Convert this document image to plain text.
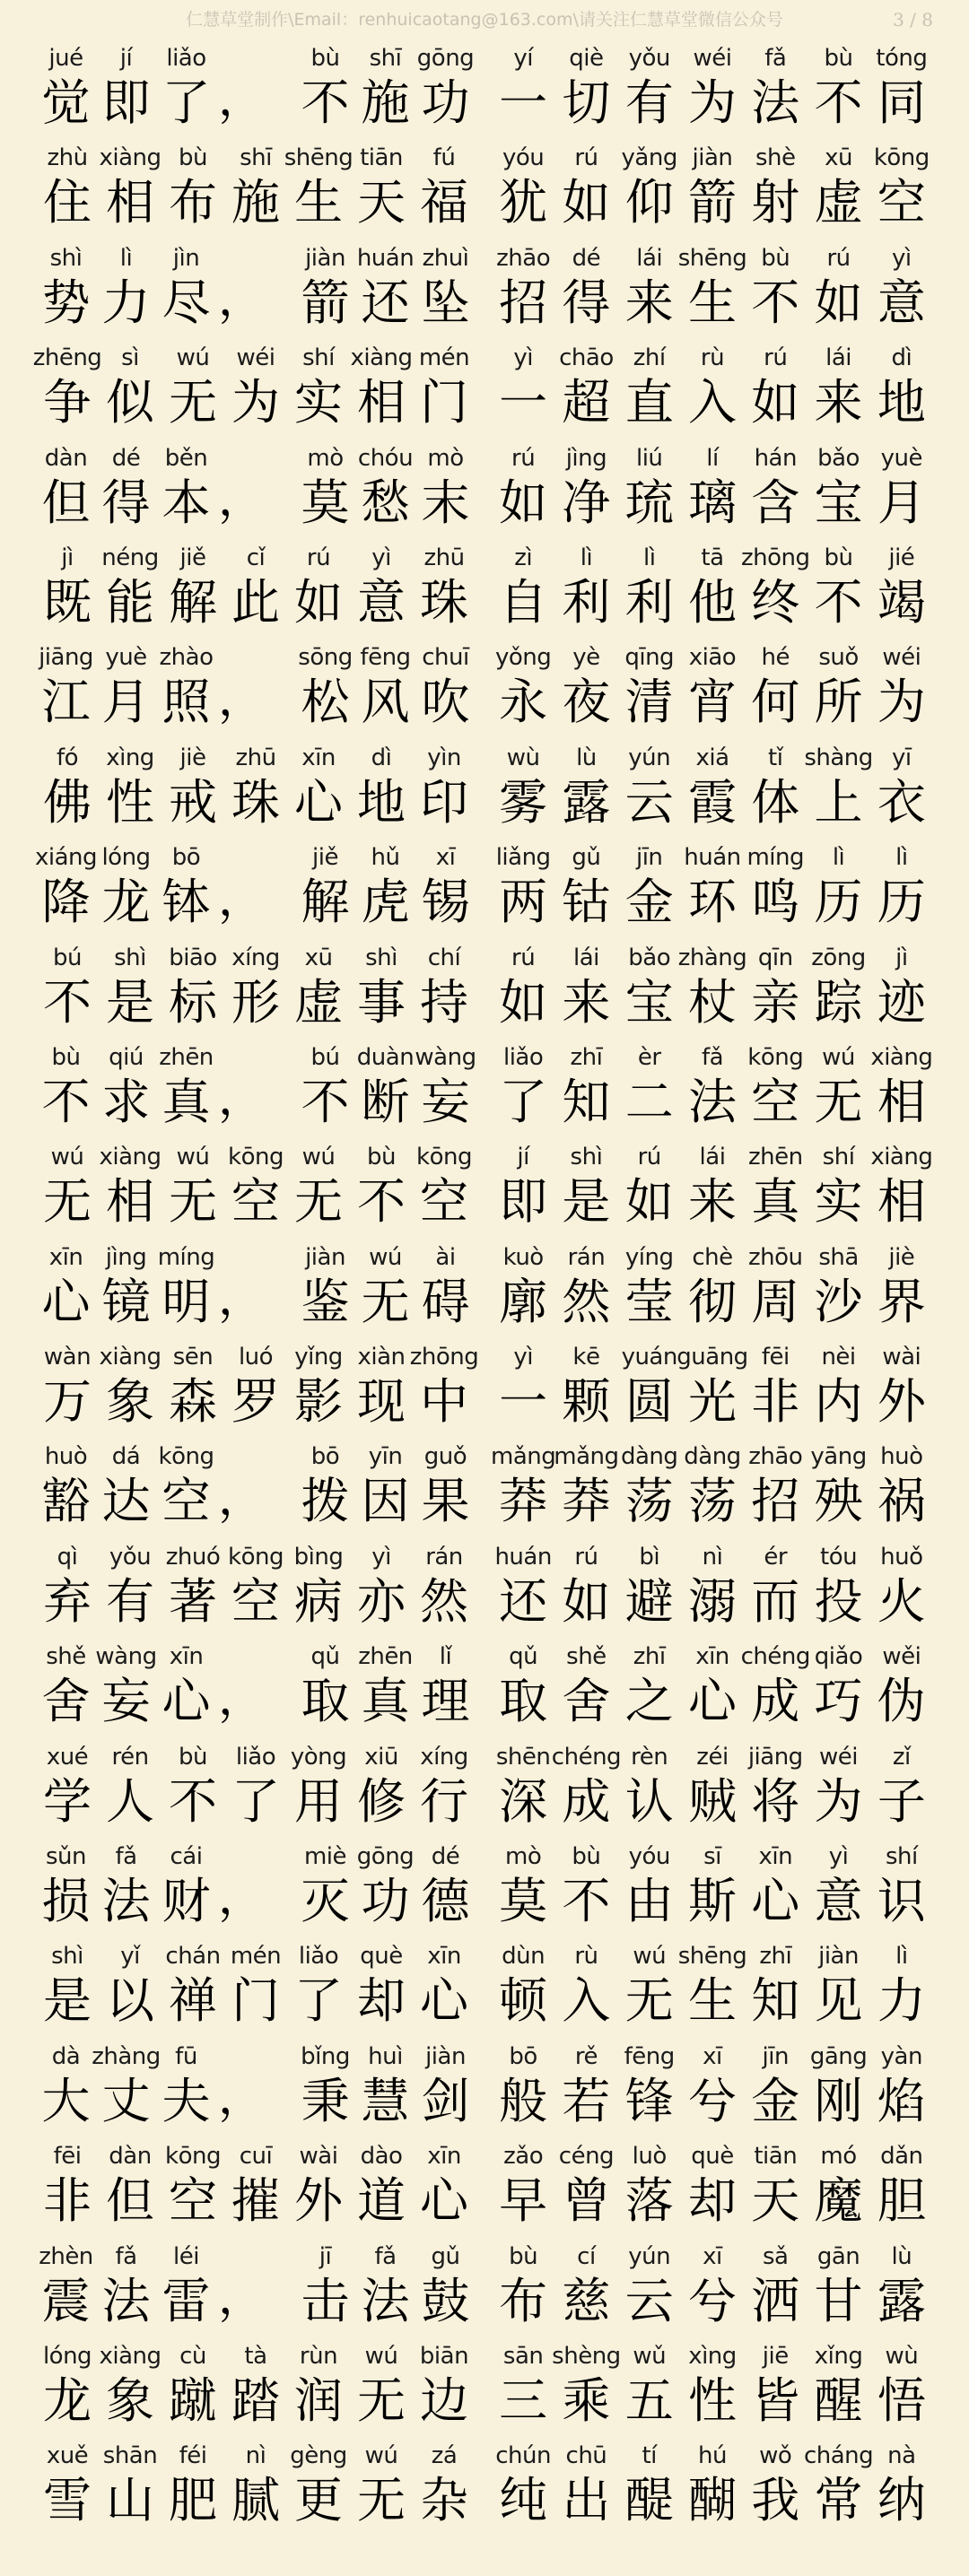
仁慧草堂制作\Email：renhuicaotang@163.com\请关注仁慧草堂微信公众号	3 / 8
jué
觉
jí
即
liǎo
了 ，
bù
不
shī
施
gōng
功
yí
一
qiè
切
yǒu
有
wéi
为
fǎ
法
bù
不
tóng
同
zhù
住
xiàng
相
bù
布
shī
施
shēng
生
tiān
天
fú
福
yóu
犹
rú
如
yǎng
仰
jiàn
箭
shè
射
xū
虚
kōng
空
shì
势
lì
力
jìn
尽 ，
jiàn
箭
huán
还
zhuì
坠
zhāo
招
dé
得
lái
来
shēng
生
bù
不
rú
如
yì
意
zhēng
争
sì
似
wú
无
wéi
为
shí
实
xiàng
相
mén
门
yì
一
chāo
超
zhí
直
rù
入
rú
如
lái
来
dì
地
dàn
但
dé
得
běn
本 ，
mò
莫
chóu
愁
mò
末
rú
如
jìng
净
liú
琉
lí
璃
hán
含
bǎo
宝
yuè
月
jì
既
néng
能
jiě
解
cǐ
此
rú
如
yì
意
zhū
珠
zì
自
lì
利
lì
利
tā
他
zhōng
终
bù
不
jié
竭
jiāng
江
yuè
月
zhào
照 ，
sōng
松
fēng
风
chuī
吹
yǒng
永
yè
夜
qīng
清
xiāo
宵
hé
何
suǒ
所
wéi
为
fó
佛
xìng
性
jiè
戒
zhū
珠
xīn
心
dì
地
yìn
印
wù
雾
lù
露
yún
云
xiá
霞
tǐ
体
shàng
上
yī
衣
xiáng
降
lóng
龙
bō
钵 ，
jiě
解
hǔ
虎
xī
锡
liǎng
两
gǔ
钴
jīn
金
huán
环
míng
鸣
lì
历
lì
历
bú
不
shì
是
biāo
标
xíng
形
xū
虚
shì
事
chí
持
rú
如
lái
来
bǎo
宝
zhàng
杖
qīn
亲
zōng
踪
jì
迹
bù
不
qiú
求
zhēn
真 ，
bú
不
duàn
断
wàng
妄
liǎo
了
zhī
知
èr
二
fǎ
法
kōng
空
wú
无
xiàng
相
wú
无
xiàng
相
wú
无
kōng
空
wú
无
bù
不
kōng
空
jí
即
shì
是
rú
如
lái
来
zhēn
真
shí
实
xiàng
相
xīn
心
jìng
镜
míng
明 ，
jiàn
鉴
wú
无
ài
碍
kuò
廓
rán
然
yíng
莹
chè
彻
zhōu
周
shā
沙
jiè
界
wàn
万
xiàng
象
sēn
森
luó
罗
yǐng
影
xiàn
现
zhōng
中
yì
一
kē
颗
yuán
圆
guāng
光
fēi
非
nèi
内
wài
外
huò
豁
dá
达
kōng
空 ，
bō
拨
yīn
因
guǒ
果
mǎng
莽
mǎng
莽
dàng
荡
dàng
荡
zhāo
招
yāng
殃
huò
祸
qì
弃
yǒu
有
zhuó
著
kōng
空
bìng
病
yì
亦
rán
然
huán
还
rú
如
bì
避
nì
溺
ér
而
tóu
投
huǒ
火
shě
舍
wàng
妄
xīn
心 ，
qǔ
取
zhēn
真
lǐ
理
qǔ
取
shě
舍
zhī
之
xīn
心
chéng
成
qiǎo
巧
wěi
伪
xué
学
rén
人
bù
不
liǎo
了
yòng
用
xiū
修
xíng
行
shēn
深
chéng
成
rèn
认
zéi
贼
jiāng
将
wéi
为
zǐ
子
sǔn
损
fǎ
法
cái
财 ，
miè
灭
gōng
功
dé
德
mò
莫
bù
不
yóu
由
sī
斯
xīn
心
yì
意
shí
识
shì
是
yǐ
以
chán
禅
mén
门
liǎo
了
què
却
xīn
心
dùn
顿
rù
入
wú
无
shēng
生
zhī
知
jiàn
见
lì
力
dà
大
zhàng
丈
fū
夫 ，
bǐng
秉
huì
慧
jiàn
剑
bō
般
rě
若
fēng
锋
xī
兮
jīn
金
gāng
刚
yàn
焰
fēi
非
dàn
但
kōng
空
cuī
摧
wài
外
dào
道
xīn
心
zǎo
早
céng
曾
luò
落
què
却
tiān
天
mó
魔
dǎn
胆
zhèn
震
fǎ
法
léi
雷 ，
jī
击
fǎ
法
gǔ
鼓
bù
布
cí
慈
yún
云
xī
兮
sǎ
洒
gān
甘
lù
露
lóng
龙
xiàng
象
cù
蹴
tà
踏
rùn
润
wú
无
biān
边
sān
三
shèng
乘
wǔ
五
xìng
性
jiē
皆
xǐng
醒
wù
悟
xuě
雪
shān
山
féi
肥
nì
腻
gèng
更
wú
无
zá
杂
chún
纯
chū
出
tí
醍
hú
醐
wǒ
我
cháng
常
nà
纳
